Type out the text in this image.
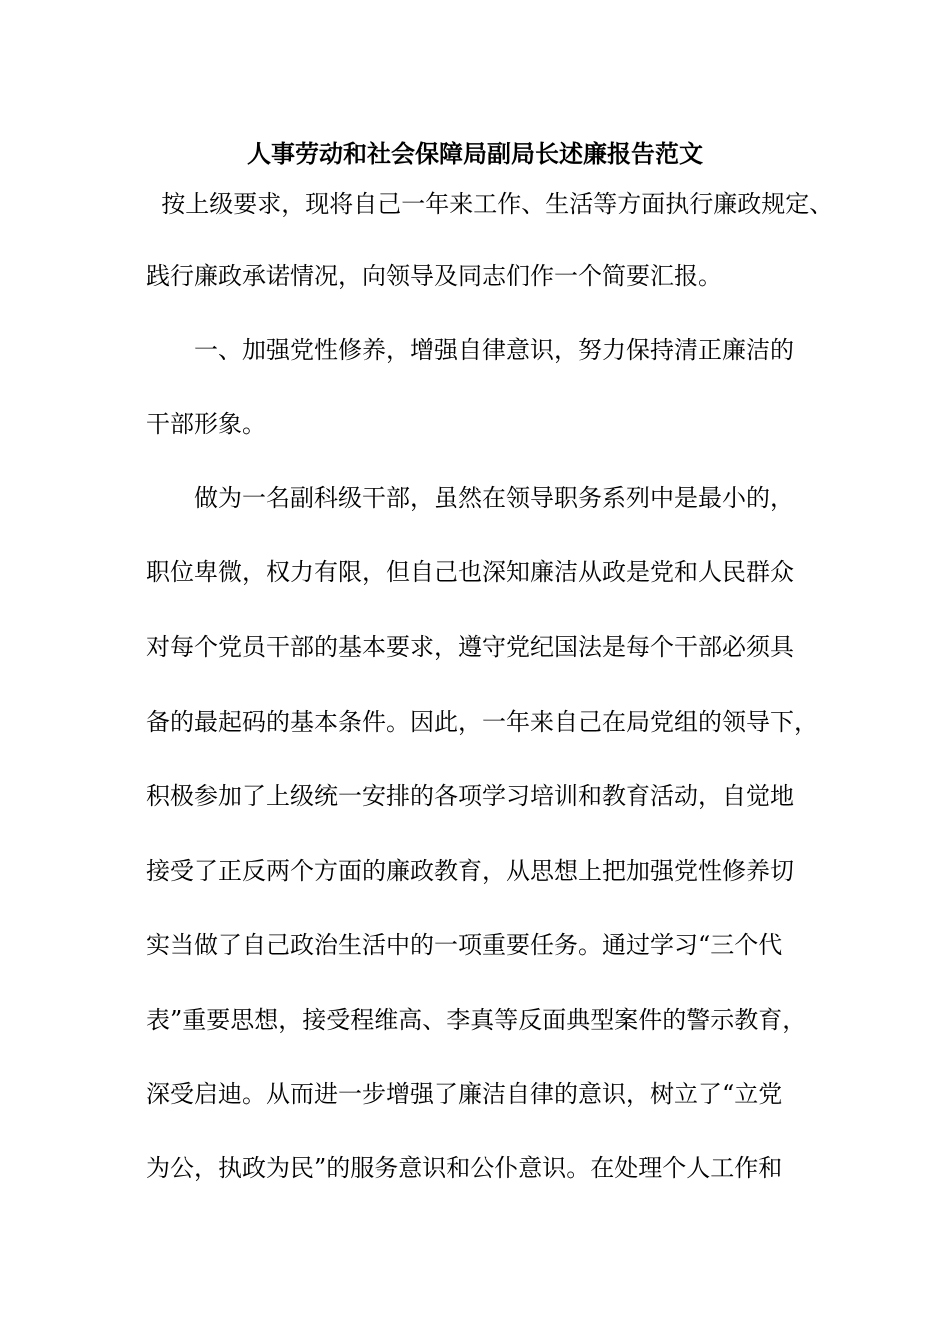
人事劳动和社会保障局副局长述廉报告范文

按上级要求，现将自己一年来工作、生活等方面执行廉政规定、

践行廉政承诺情况，向领导及同志们作一个简要汇报。

一、加强党性修养，增强自律意识，努力保持清正廉洁的

干部形象。

做为一名副科级干部，虽然在领导职务系列中是最小的，

职位卑微，权力有限，但自己也深知廉洁从政是党和人民群众

对每个党员干部的基本要求，遵守党纪国法是每个干部必须具

备的最起码的基本条件。因此，一年来自己在局党组的领导下，

积极参加了上级统一安排的各项学习培训和教育活动，自觉地

接受了正反两个方面的廉政教育，从思想上把加强党性修养切

实当做了自己政治生活中的一项重要任务。通过学习“三个代

表”重要思想，接受程维高、李真等反面典型案件的警示教育，

深受启迪。从而进一步增强了廉洁自律的意识，树立了“立党

为公，执政为民”的服务意识和公仆意识。在处理个人工作和
